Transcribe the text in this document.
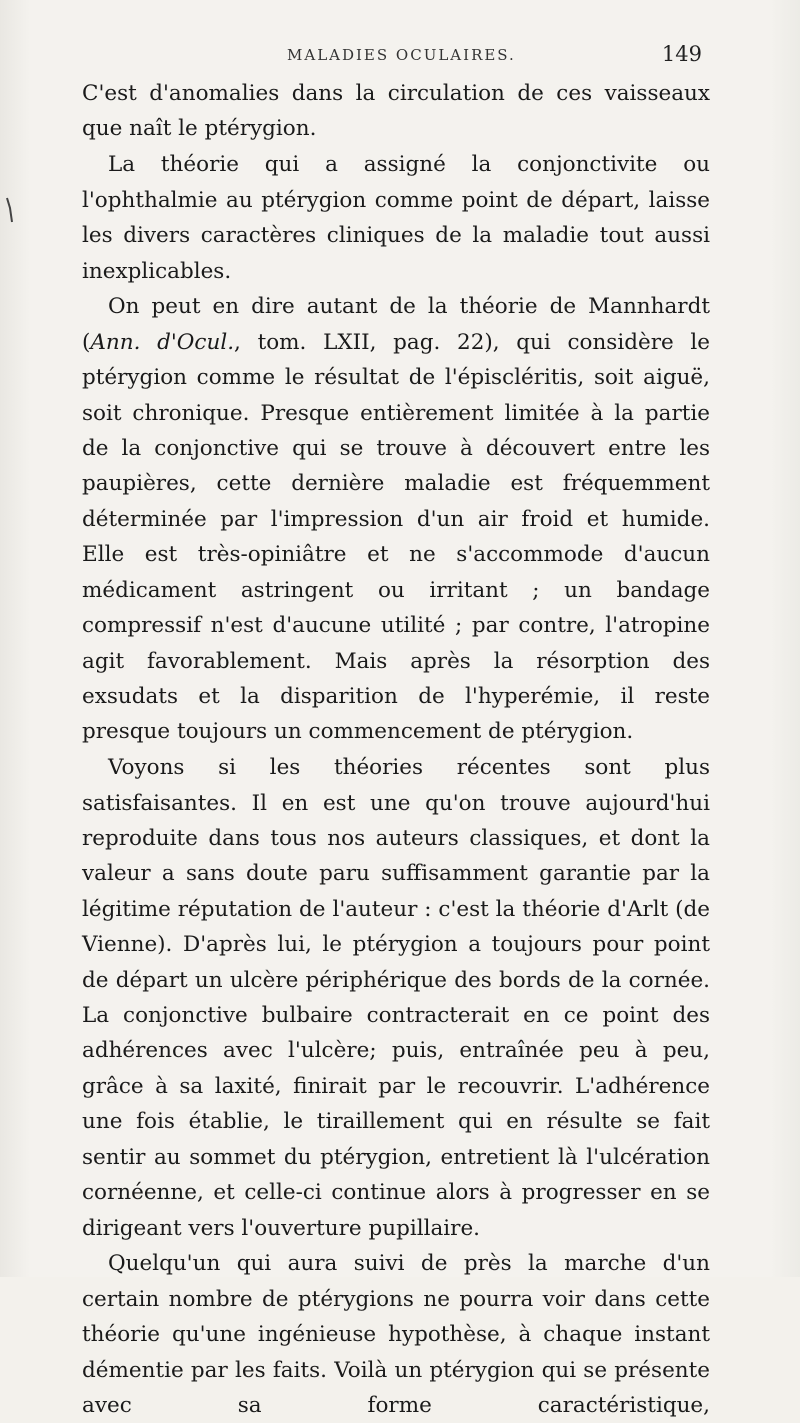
MALADIES OCULAIRES.	149

C'est d'anomalies dans la circulation de ces vaisseaux que naît le ptérygion.

La théorie qui a assigné la conjonctivite ou l'ophthalmie au ptérygion comme point de départ, laisse les divers caractères cliniques de la maladie tout aussi inexplicables.

On peut en dire autant de la théorie de Mannhardt (Ann. d'Ocul., tom. LXII, pag. 22), qui considère le ptérygion comme le résultat de l'épiscléritis, soit aiguë, soit chronique. Presque entièrement limitée à la partie de la conjonctive qui se trouve à découvert entre les paupières, cette dernière maladie est fréquemment déterminée par l'impression d'un air froid et humide. Elle est très-opiniâtre et ne s'accommode d'aucun médicament astringent ou irritant ; un bandage compressif n'est d'aucune utilité ; par contre, l'atropine agit favorablement. Mais après la résorption des exsudats et la disparition de l'hyperémie, il reste presque toujours un commencement de ptérygion.

Voyons si les théories récentes sont plus satisfaisantes. Il en est une qu'on trouve aujourd'hui reproduite dans tous nos auteurs classiques, et dont la valeur a sans doute paru suffisamment garantie par la légitime réputation de l'auteur : c'est la théorie d'Arlt (de Vienne). D'après lui, le ptérygion a toujours pour point de départ un ulcère périphérique des bords de la cornée. La conjonctive bulbaire contracterait en ce point des adhérences avec l'ulcère; puis, entraînée peu à peu, grâce à sa laxité, finirait par le recouvrir. L'adhérence une fois établie, le tiraillement qui en résulte se fait sentir au sommet du ptérygion, entretient là l'ulcération cornéenne, et celle-ci continue alors à progresser en se dirigeant vers l'ouverture pupillaire.

Quelqu'un qui aura suivi de près la marche d'un certain nombre de ptérygions ne pourra voir dans cette théorie qu'une ingénieuse hypothèse, à chaque instant démentie par les faits. Voilà un ptérygion qui se présente avec sa forme caractéristique,
